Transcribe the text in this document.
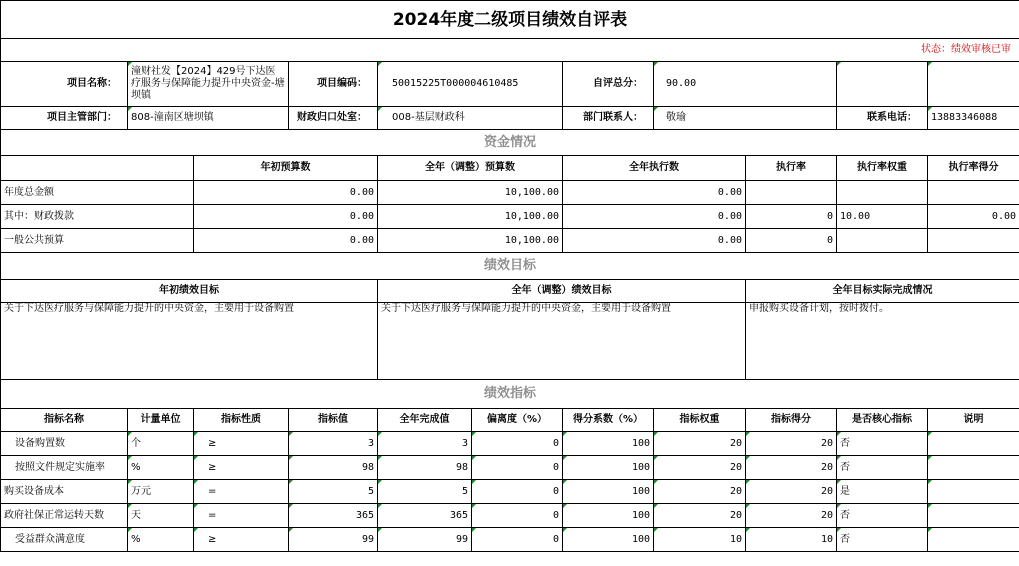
2024年度二级项目绩效自评表										
状态：绩效审核已审										
项目名称：	潼财社发【2024】429号下达医疗服务与保障能力提升中央资金-塘坝镇		项目编码：	50015225T000004610485		自评总分：	90.00			
项目主管部门：	808-潼南区塘坝镇		财政归口处室：	008-基层财政科		部门联系人：	敬瑜		联系电话：	13883346088
资金情况										
		年初预算数		全年（调整）预算数		全年执行数		执行率	执行率权重	执行率得分
年度总金额		0.00		10,100.00		0.00				
其中：财政拨款		0.00		10,100.00		0.00		0	10.00	0.00
一般公共预算		0.00		10,100.00		0.00		0		
绩效目标										
年初绩效目标				全年（调整）绩效目标				全年目标实际完成情况		
关于下达医疗服务与保障能力提升的中央资金，主要用于设备购置				关于下达医疗服务与保障能力提升的中央资金，主要用于设备购置				申报购买设备计划，按时拨付。		
绩效指标										
指标名称	计量单位	指标性质	指标值	全年完成值	偏离度（%）	得分系数（%）	指标权重	指标得分	是否核心指标	说明
设备购置数	个	≥	3	3	0	100	20	20	否	
按照文件规定实施率	%	≥	98	98	0	100	20	20	否	
购买设备成本	万元	=	5	5	0	100	20	20	是	
政府社保正常运转天数	天	=	365	365	0	100	20	20	否	
受益群众满意度	%	≥	99	99	0	100	10	10	否	
